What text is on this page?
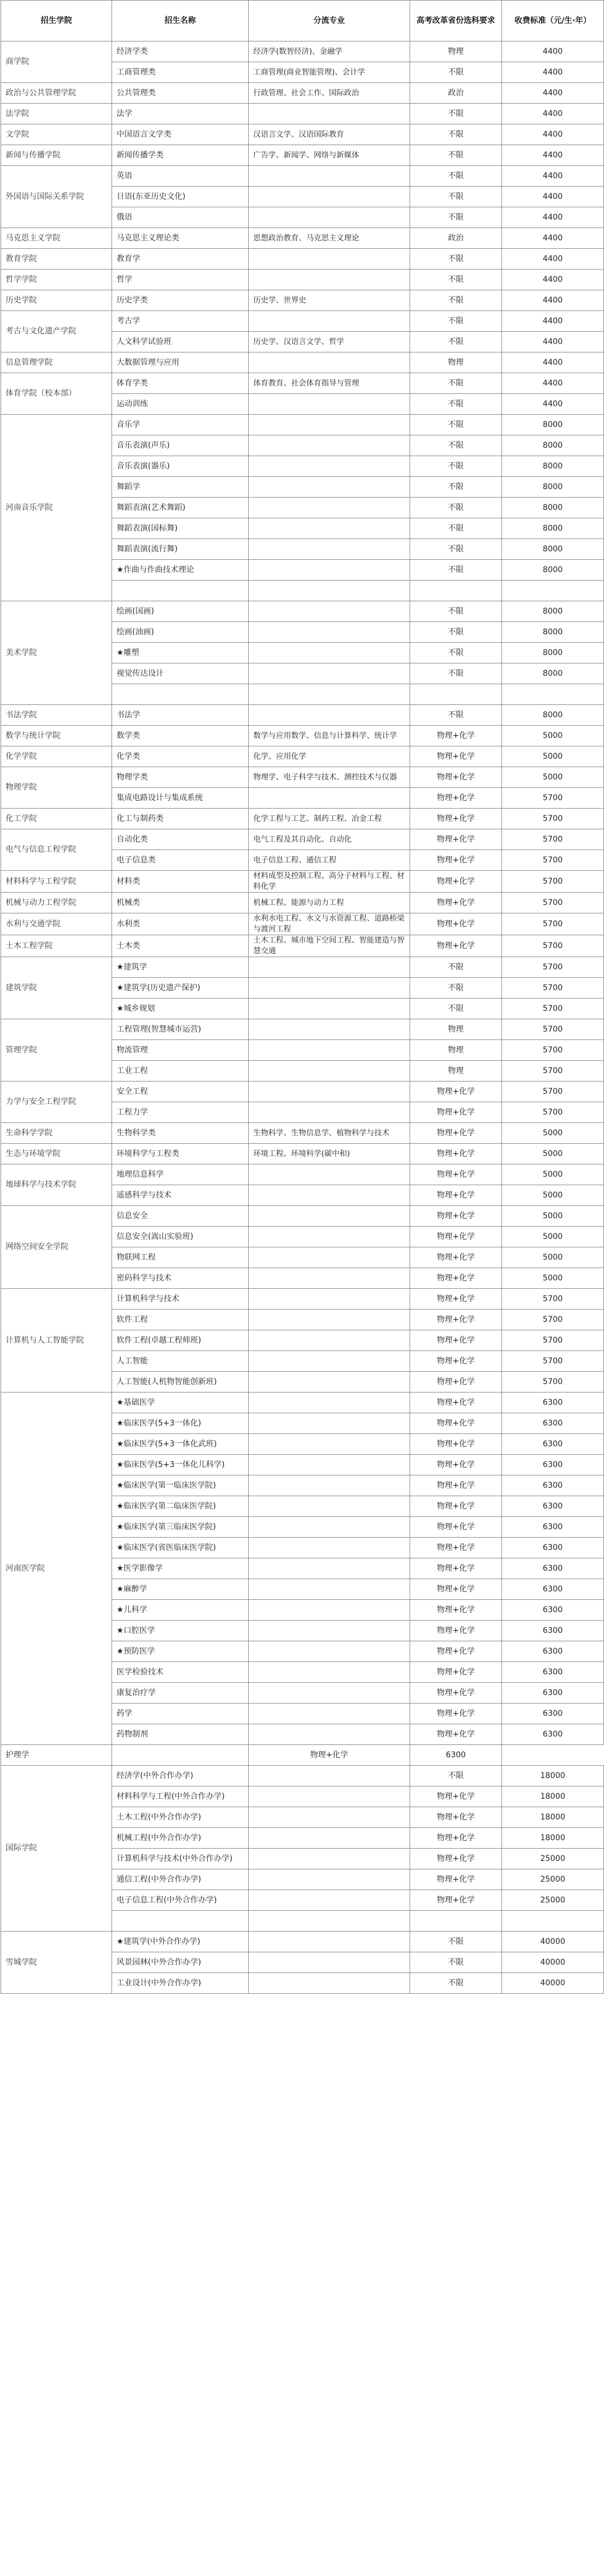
招生学院	招生名称	分流专业	高考改革省份选科要求	收费标准（元/生·年）
商学院	经济学类	经济学(数智经济)、金融学	物理	4400
	工商管理类	工商管理(商业智能管理)、会计学	不限	4400
政治与公共管理学院	公共管理类	行政管理、社会工作、国际政治	政治	4400
法学院	法学		不限	4400
文学院	中国语言文学类	汉语言文学、汉语国际教育	不限	4400
新闻与传播学院	新闻传播学类	广告学、新闻学、网络与新媒体	不限	4400
外国语与国际关系学院	英语		不限	4400
	日语(东亚历史文化)		不限	4400
	俄语		不限	4400
马克思主义学院	马克思主义理论类	思想政治教育、马克思主义理论	政治	4400
教育学院	教育学		不限	4400
哲学学院	哲学		不限	4400
历史学院	历史学类	历史学、世界史	不限	4400
考古与文化遗产学院	考古学		不限	4400
	人文科学试验班	历史学、汉语言文学、哲学	不限	4400
信息管理学院	大数据管理与应用		物理	4400
体育学院（校本部）	体育学类	体育教育、社会体育指导与管理	不限	4400
	运动训练		不限	4400
河南音乐学院	音乐学		不限	8000
	音乐表演(声乐)		不限	8000
	音乐表演(器乐)		不限	8000
	舞蹈学		不限	8000
	舞蹈表演(艺术舞蹈)		不限	8000
	舞蹈表演(国标舞)		不限	8000
	舞蹈表演(流行舞)		不限	8000
	★作曲与作曲技术理论		不限	8000

美术学院	绘画(国画)		不限	8000
	绘画(油画)		不限	8000
	★雕塑		不限	8000
	视觉传达设计		不限	8000

书法学院	书法学		不限	8000
数学与统计学院	数学类	数学与应用数学、信息与计算科学、统计学	物理+化学	5000
化学学院	化学类	化学、应用化学	物理+化学	5000
物理学院	物理学类	物理学、电子科学与技术、测控技术与仪器	物理+化学	5000
	集成电路设计与集成系统		物理+化学	5700
化工学院	化工与制药类	化学工程与工艺、制药工程、冶金工程	物理+化学	5700
电气与信息工程学院	自动化类	电气工程及其自动化、自动化	物理+化学	5700
	电子信息类	电子信息工程、通信工程	物理+化学	5700
材料科学与工程学院	材料类	材料成型及控制工程、高分子材料与工程、材料化学	物理+化学	5700
机械与动力工程学院	机械类	机械工程、能源与动力工程	物理+化学	5700
水利与交通学院	水利类	水利水电工程、水文与水资源工程、道路桥梁与渡河工程	物理+化学	5700
土木工程学院	土木类	土木工程、城市地下空间工程、智能建造与智慧交通	物理+化学	5700
建筑学院	★建筑学		不限	5700
	★建筑学(历史遗产保护)		不限	5700
	★城乡规划		不限	5700
管理学院	工程管理(智慧城市运营)		物理	5700
	物流管理		物理	5700
	工业工程		物理	5700
力学与安全工程学院	安全工程		物理+化学	5700
	工程力学		物理+化学	5700
生命科学学院	生物科学类	生物科学、生物信息学、植物科学与技术	物理+化学	5000
生态与环境学院	环境科学与工程类	环境工程、环境科学(碳中和)	物理+化学	5000
地球科学与技术学院	地理信息科学		物理+化学	5000
	遥感科学与技术		物理+化学	5000
网络空间安全学院	信息安全		物理+化学	5000
	信息安全(嵩山实验班)		物理+化学	5000
	物联网工程		物理+化学	5000
	密码科学与技术		物理+化学	5000
计算机与人工智能学院	计算机科学与技术		物理+化学	5700
	软件工程		物理+化学	5700
	软件工程(卓越工程师班)		物理+化学	5700
	人工智能		物理+化学	5700
	人工智能(人机物智能创新班)		物理+化学	5700
河南医学院	★基础医学		物理+化学	6300
	★临床医学(5+3一体化)		物理+化学	6300
	★临床医学(5+3一体化武班)		物理+化学	6300
	★临床医学(5+3一体化儿科学)		物理+化学	6300
	★临床医学(第一临床医学院)		物理+化学	6300
	★临床医学(第二临床医学院)		物理+化学	6300
	★临床医学(第三临床医学院)		物理+化学	6300
	★临床医学(省医临床医学院)		物理+化学	6300
	★医学影像学		物理+化学	6300
	★麻醉学		物理+化学	6300
	★儿科学		物理+化学	6300
	★口腔医学		物理+化学	6300
	★预防医学		物理+化学	6300
	医学检验技术		物理+化学	6300
	康复治疗学		物理+化学	6300
	药学		物理+化学	6300
	药物制剂		物理+化学	6300
护理学		物理+化学	6300	
国际学院	经济学(中外合作办学)		不限	18000
	材料科学与工程(中外合作办学)		物理+化学	18000
	土木工程(中外合作办学)		物理+化学	18000
	机械工程(中外合作办学)		物理+化学	18000
	计算机科学与技术(中外合作办学)		物理+化学	25000
	通信工程(中外合作办学)		物理+化学	25000
	电子信息工程(中外合作办学)		物理+化学	25000

雪城学院	★建筑学(中外合作办学)		不限	40000
	风景园林(中外合作办学)		不限	40000
	工业设计(中外合作办学)		不限	40000
